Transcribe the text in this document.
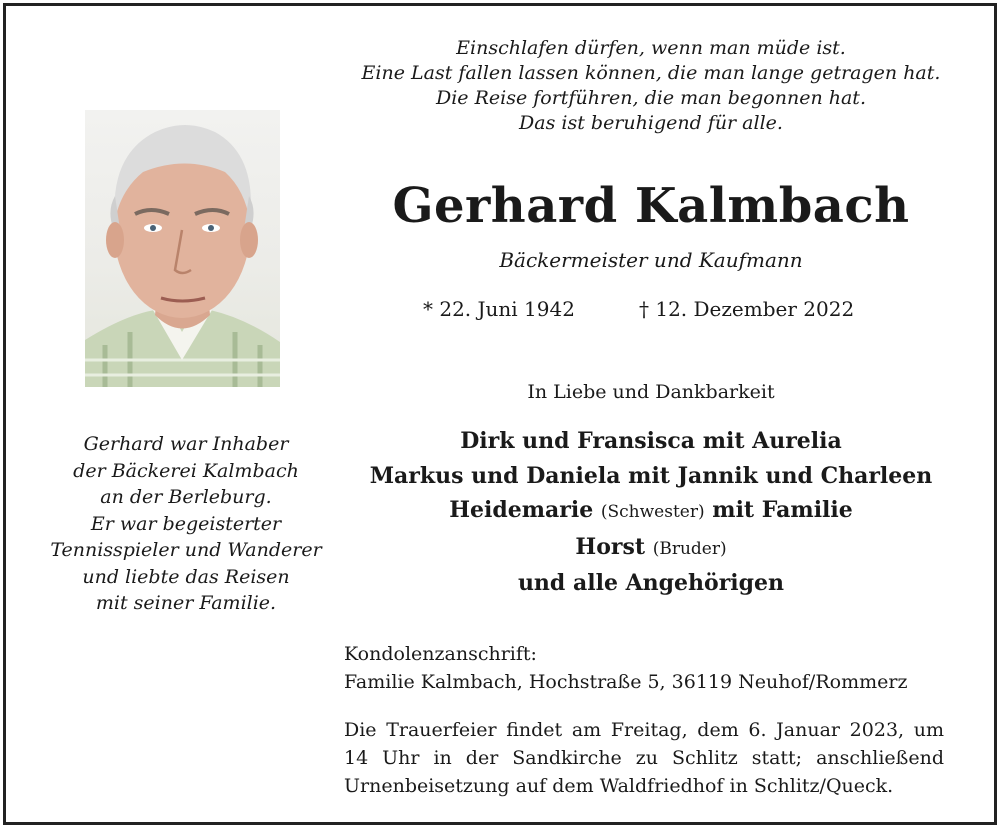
Einschlafen dürfen, wenn man müde ist.
Eine Last fallen lassen können, die man lange getragen hat.
Die Reise fortführen, die man begonnen hat.
Das ist beruhigend für alle.
Gerhard Kalmbach
Bäckermeister und Kaufmann
* 22. Juni 1942	† 12. Dezember 2022
In Liebe und Dankbarkeit
Dirk und Fransisca mit Aurelia
Markus und Daniela mit Jannik und Charleen
Heidemarie (Schwester) mit Familie
Horst (Bruder)
und alle Angehörigen
Gerhard war Inhaber
der Bäckerei Kalmbach
an der Berleburg.
Er war begeisterter
Tennisspieler und Wanderer
und liebte das Reisen
mit seiner Familie.
Kondolenzanschrift:
Familie Kalmbach, Hochstraße 5, 36119 Neuhof/Rommerz
Die Trauerfeier findet am Freitag, dem 6. Januar 2023, um
14 Uhr in der Sandkirche zu Schlitz statt; anschließend
Urnenbeisetzung auf dem Waldfriedhof in Schlitz/Queck.
